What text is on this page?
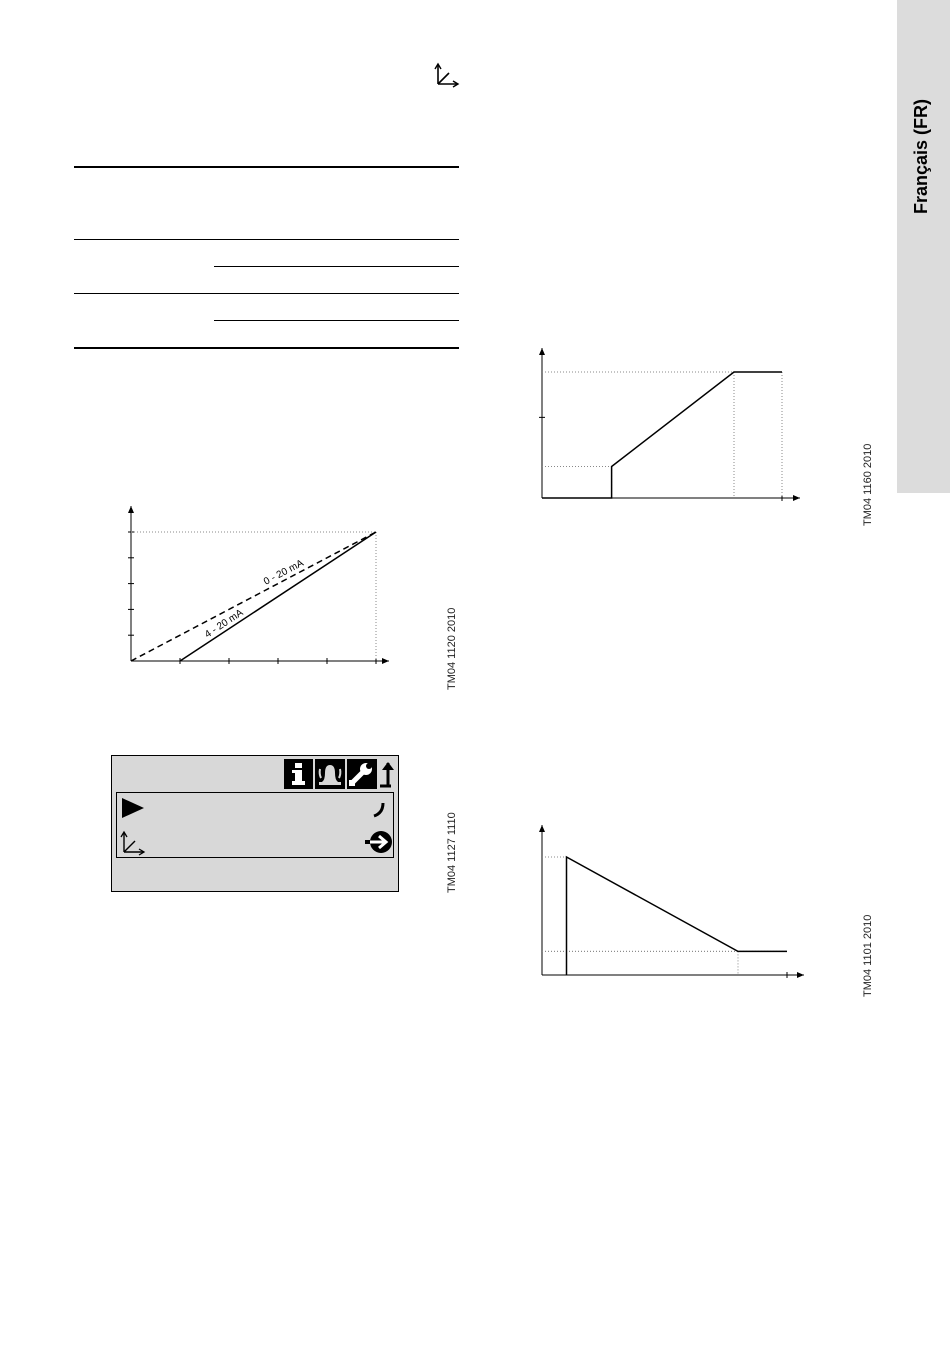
Français (FR)
0 - 20 mA
4 - 20 mA	TM04 1120 2010
TM04 1127 1110
TM04 1160 2010
TM04 1101 2010
